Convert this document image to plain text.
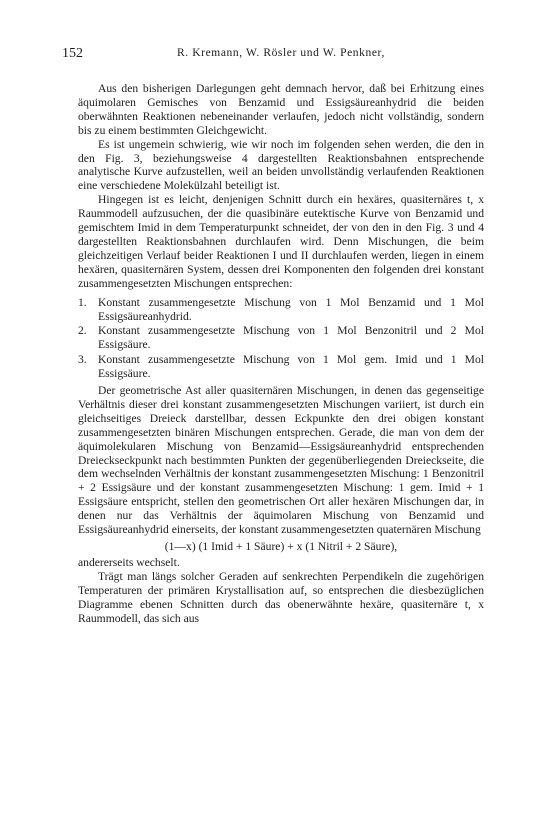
152	R. Kremann, W. Rösler und W. Penkner,

Aus den bisherigen Darlegungen geht demnach hervor, daß bei Erhitzung eines äquimolaren Gemisches von Benzamid und Essigsäureanhydrid die beiden oberwähnten Reaktionen nebeneinander verlaufen, jedoch nicht vollständig, sondern bis zu einem bestimmten Gleichgewicht.

Es ist ungemein schwierig, wie wir noch im folgenden sehen werden, die den in den Fig. 3, beziehungsweise 4 dargestellten Reaktionsbahnen entsprechende analytische Kurve aufzustellen, weil an beiden unvollständig verlaufenden Reaktionen eine verschiedene Molekülzahl beteiligt ist.

Hingegen ist es leicht, denjenigen Schnitt durch ein hexäres, quasiternäres t, x Raummodell aufzusuchen, der die quasibinäre eutektische Kurve von Benzamid und gemischtem Imid in dem Temperaturpunkt schneidet, der von den in den Fig. 3 und 4 dargestellten Reaktionsbahnen durchlaufen wird. Denn Mischungen, die beim gleichzeitigen Verlauf beider Reaktionen I und II durchlaufen werden, liegen in einem hexären, quasiternären System, dessen drei Komponenten den folgenden drei konstant zusammengesetzten Mischungen entsprechen:

1. Konstant zusammengesetzte Mischung von 1 Mol Benzamid und 1 Mol Essigsäureanhydrid.
2. Konstant zusammengesetzte Mischung von 1 Mol Benzonitril und 2 Mol Essigsäure.
3. Konstant zusammengesetzte Mischung von 1 Mol gem. Imid und 1 Mol Essigsäure.

Der geometrische Ast aller quasiternären Mischungen, in denen das gegenseitige Verhältnis dieser drei konstant zusammengesetzten Mischungen variiert, ist durch ein gleichseitiges Dreieck darstellbar, dessen Eckpunkte den drei obigen konstant zusammengesetzten binären Mischungen entsprechen. Gerade, die man von dem der äquimolekularen Mischung von Benzamid—Essigsäureanhydrid entsprechenden Dreieckseckpunkt nach bestimmten Punkten der gegenüberliegenden Dreieckseite, die dem wechselnden Verhältnis der konstant zusammengesetzten Mischung: 1 Benzonitril + 2 Essigsäure und der konstant zusammengesetzten Mischung: 1 gem. Imid + 1 Essigsäure entspricht, stellen den geometrischen Ort aller hexären Mischungen dar, in denen nur das Verhältnis der äquimolaren Mischung von Benzamid und Essigsäureanhydrid einerseits, der konstant zusammengesetzten quaternären Mischung

(1—x) (1 Imid + 1 Säure) + x (1 Nitril + 2 Säure),

andererseits wechselt.

Trägt man längs solcher Geraden auf senkrechten Perpendikeln die zugehörigen Temperaturen der primären Krystallisation auf, so entsprechen die diesbezüglichen Diagramme ebenen Schnitten durch das obenerwähnte hexäre, quasiternäre t, x Raummodell, das sich aus
